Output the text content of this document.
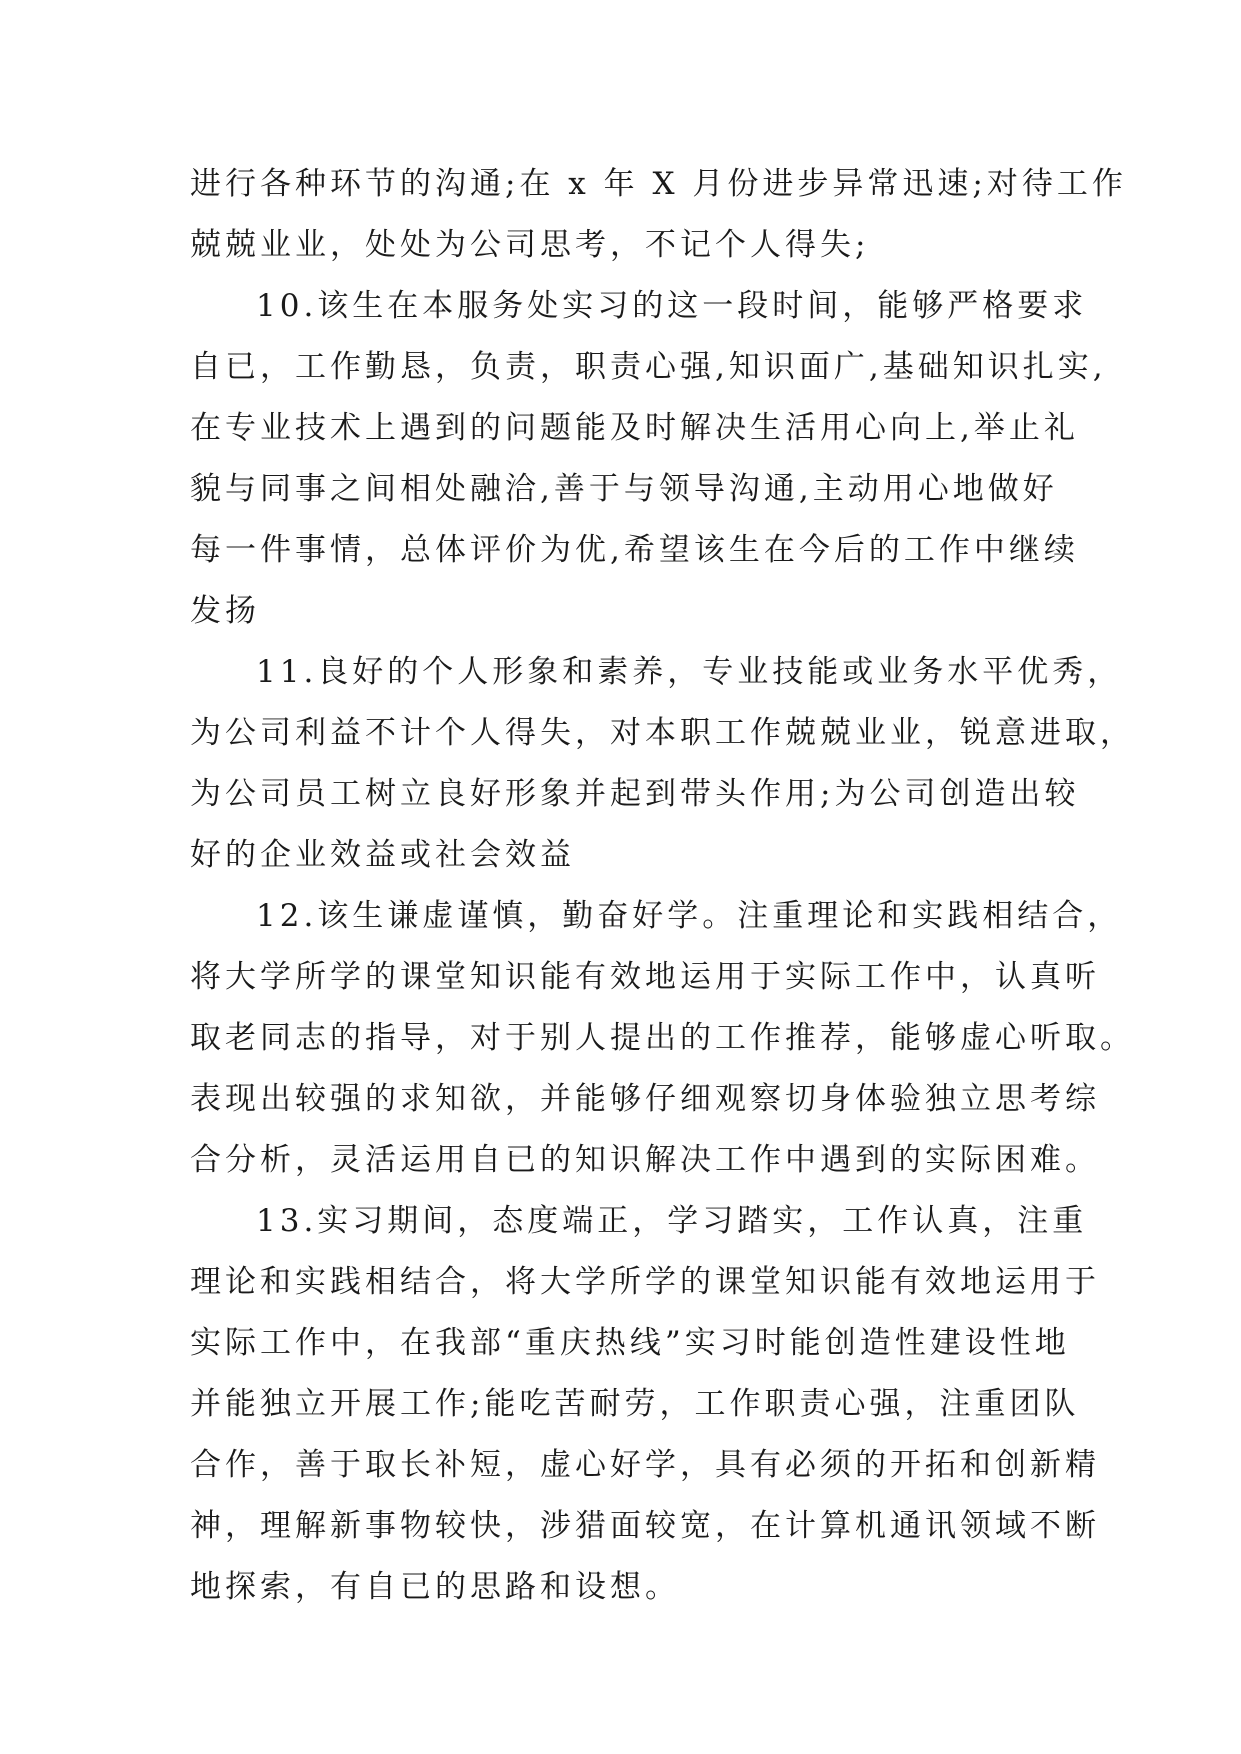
进行各种环节的沟通;在 x 年 X 月份进步异常迅速;对待工作
兢兢业业，处处为公司思考，不记个人得失;
10.该生在本服务处实习的这一段时间，能够严格要求
自已，工作勤恳，负责，职责心强,知识面广,基础知识扎实,
在专业技术上遇到的问题能及时解决生活用心向上,举止礼
貌与同事之间相处融洽,善于与领导沟通,主动用心地做好
每一件事情，总体评价为优,希望该生在今后的工作中继续
发扬
11.良好的个人形象和素养，专业技能或业务水平优秀，
为公司利益不计个人得失，对本职工作兢兢业业，锐意进取，
为公司员工树立良好形象并起到带头作用;为公司创造出较
好的企业效益或社会效益
12.该生谦虚谨慎，勤奋好学。注重理论和实践相结合，
将大学所学的课堂知识能有效地运用于实际工作中，认真听
取老同志的指导，对于别人提出的工作推荐，能够虚心听取。
表现出较强的求知欲，并能够仔细观察切身体验独立思考综
合分析，灵活运用自已的知识解决工作中遇到的实际困难。
13.实习期间，态度端正，学习踏实，工作认真，注重
理论和实践相结合，将大学所学的课堂知识能有效地运用于
实际工作中，在我部“重庆热线”实习时能创造性建设性地
并能独立开展工作;能吃苦耐劳，工作职责心强，注重团队
合作，善于取长补短，虚心好学，具有必须的开拓和创新精
神，理解新事物较快，涉猎面较宽，在计算机通讯领域不断
地探索，有自已的思路和设想。
